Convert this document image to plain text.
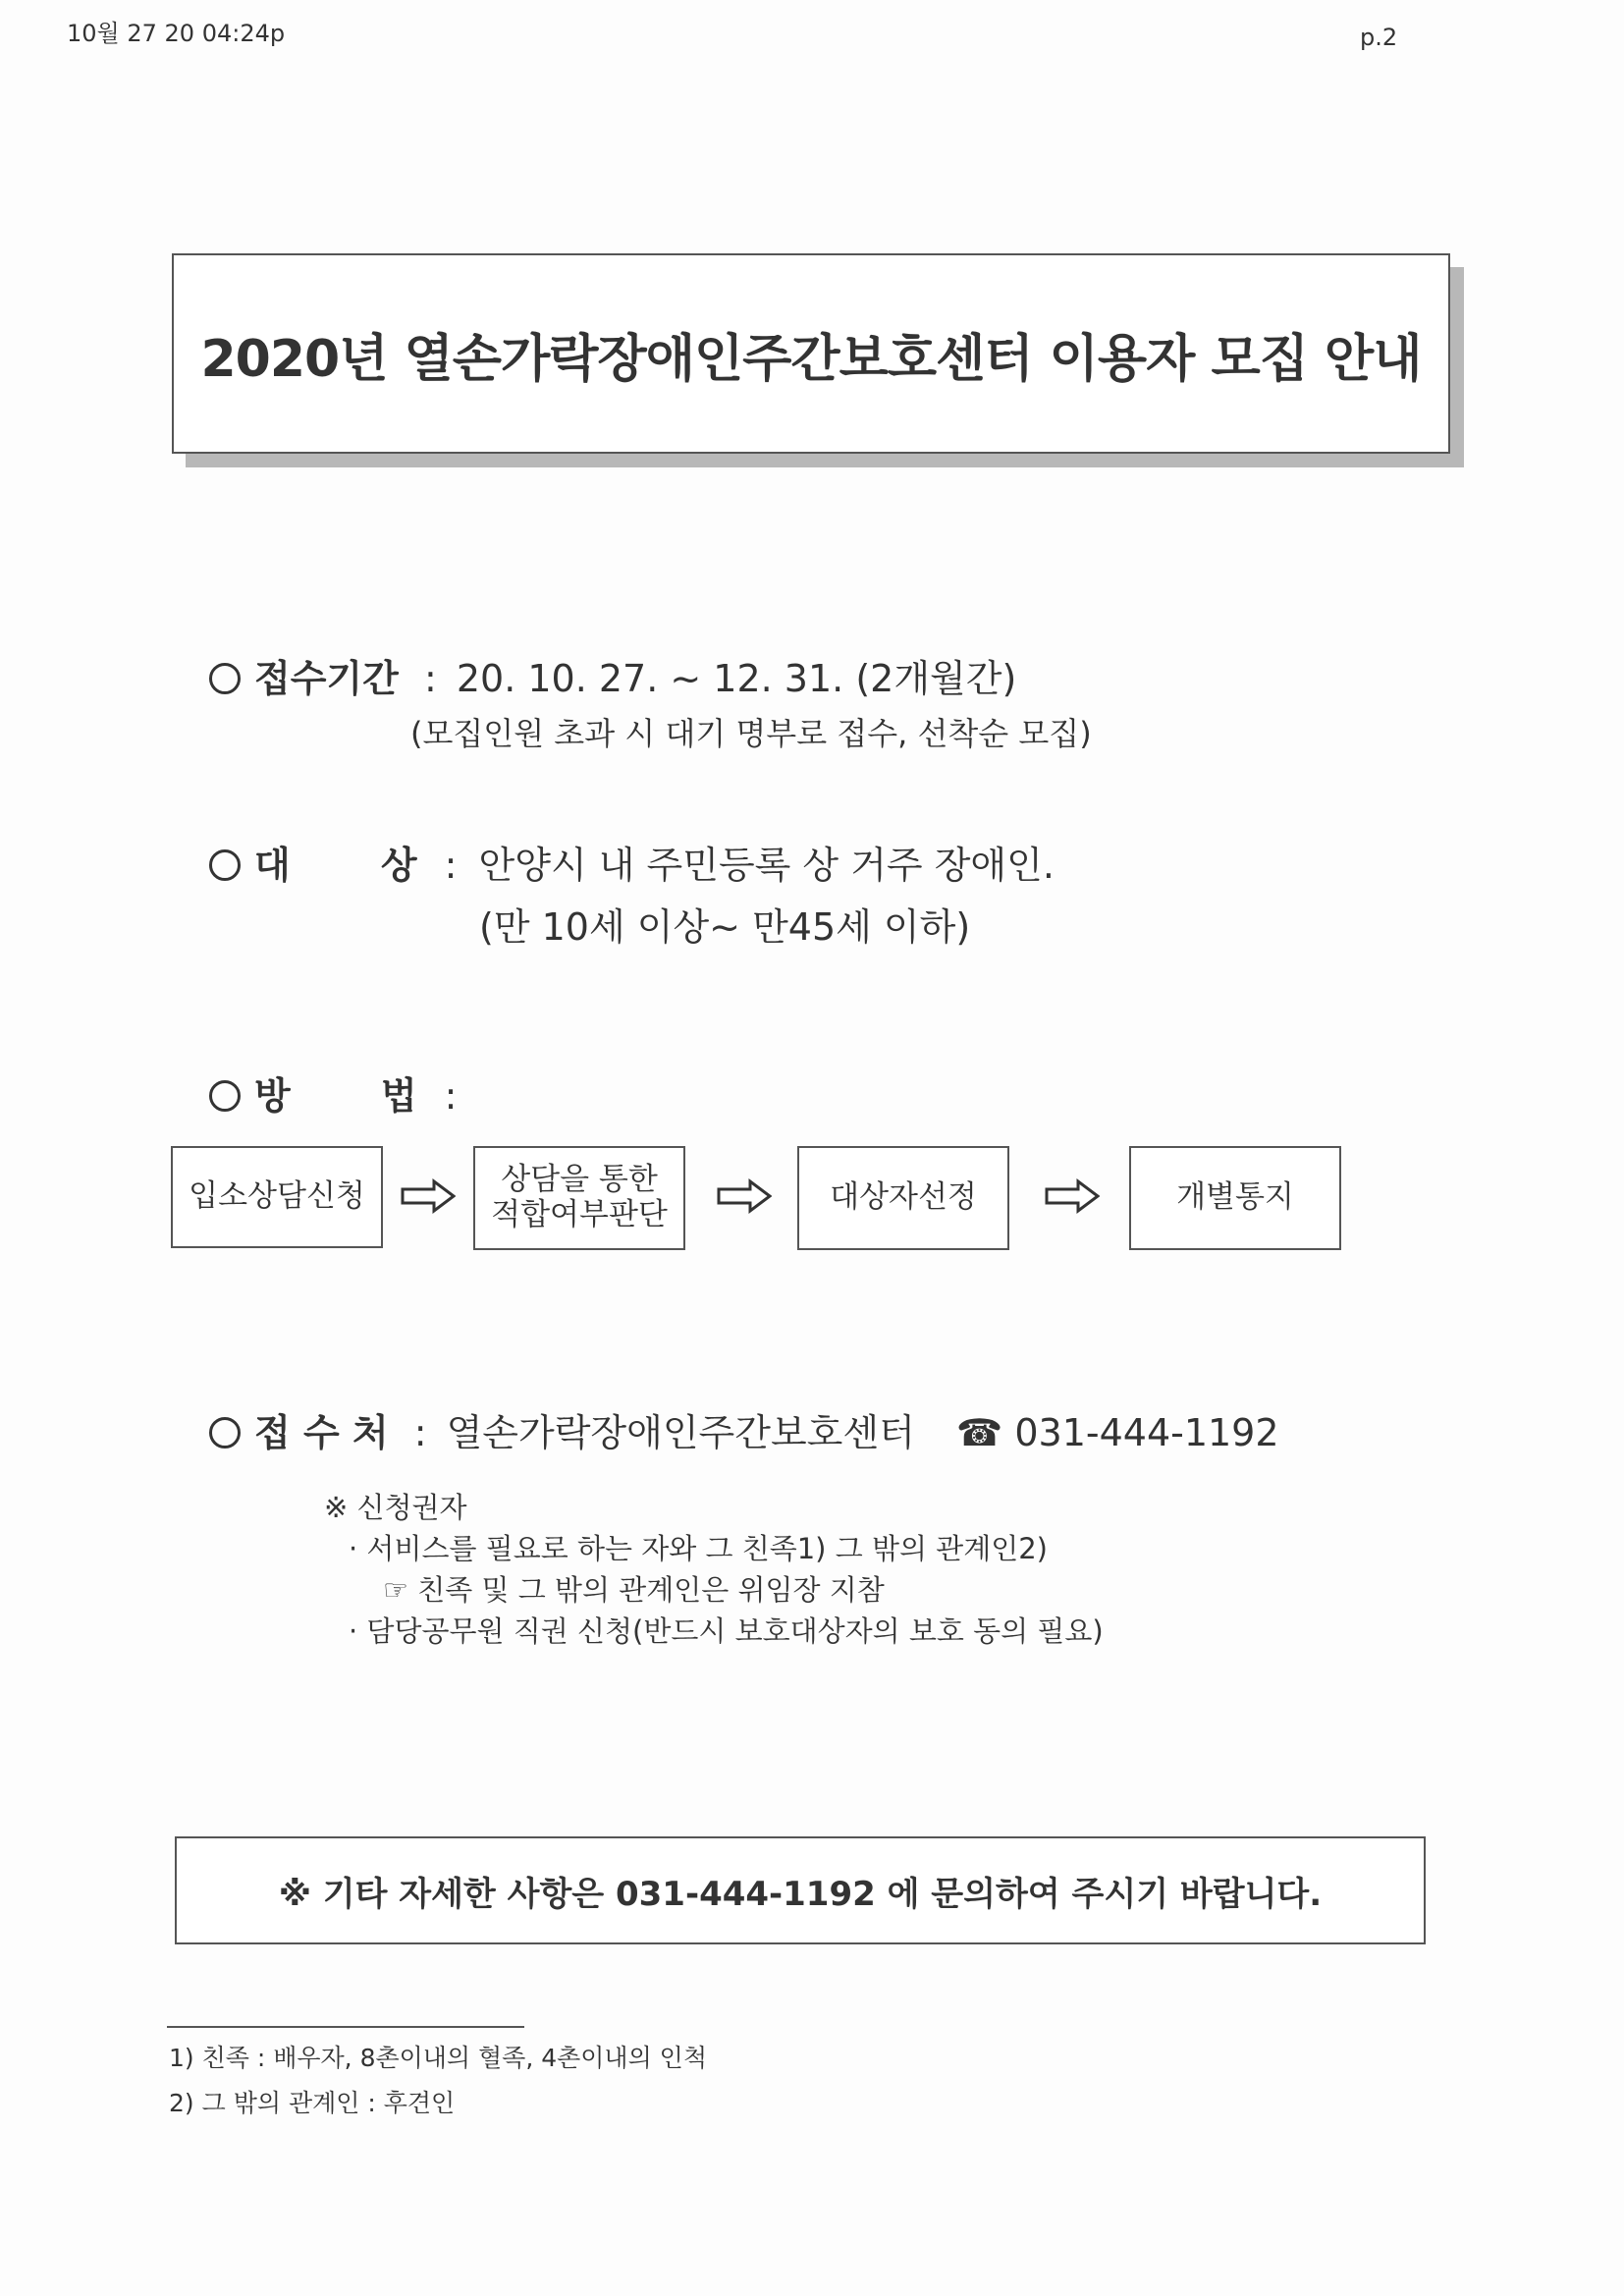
10월 27 20 04:24p	p.2
2020년 열손가락장애인주간보호센터 이용자 모집 안내
접수기간 : 20. 10. 27. ~ 12. 31. (2개월간)
(모집인원 초과 시 대기 명부로 접수, 선착순 모집)
대 상 : 안양시 내 주민등록 상 거주 장애인.
(만 10세 이상~ 만45세 이하)
방 법 :
입소상담신청	상담을 통한
적합여부판단	대상자선정	개별통지
접 수 처 : 열손가락장애인주간보호센터 ☎ 031-444-1192
※ 신청권자
· 서비스를 필요로 하는 자와 그 친족1) 그 밖의 관계인2)
☞ 친족 및 그 밖의 관계인은 위임장 지참
· 담당공무원 직권 신청(반드시 보호대상자의 보호 동의 필요)
※ 기타 자세한 사항은 031-444-1192 에 문의하여 주시기 바랍니다.
1) 친족 : 배우자, 8촌이내의 혈족, 4촌이내의 인척
2) 그 밖의 관계인 : 후견인
